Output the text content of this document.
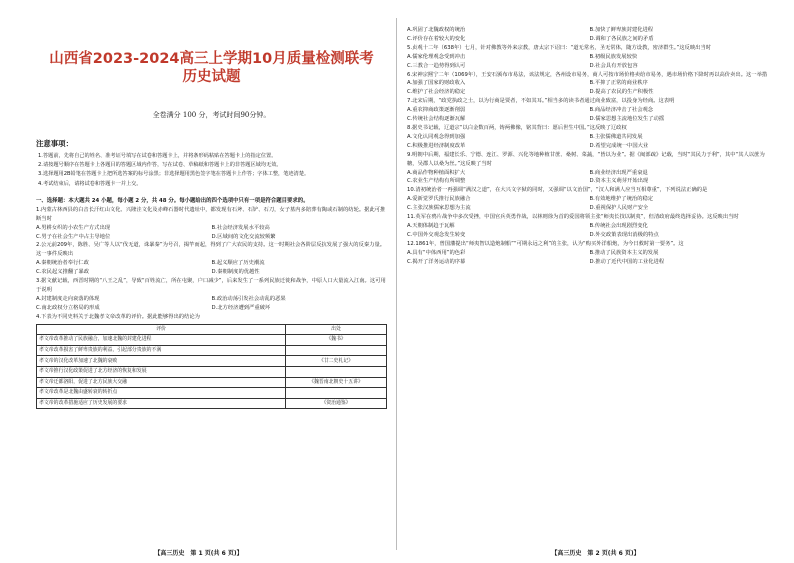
山西省2023-2024高三上学期10月质量检测联考
历史试题
全卷满分 100 分，考试时间90分钟。
注意事项：

1.答题前，先将自己的姓名、准考证号填写在试卷和答题卡上，并将条形码粘贴在答题卡上的指定位置。

2.请按题号顺序在答题卡上各题目的答题区域内作答，写在试卷、草稿纸和答题卡上的非答题区域均无效。

3.选择题用2B铅笔在答题卡上把所选答案的标号涂黑；非选择题用黑色签字笔在答题卡上作答；字体工整，笔迹清楚。

4.考试结束后，请将试卷和答题卡一并上交。

一、选择题：本大题共 24 小题，每小题 2 分，共 48 分。每小题给出的四个选项中只有一项是符合题目要求的。

1.内蒙古林西县的白音长汗红山文化、兴隆洼文化及赤峰石器时代遗址中，都发现有石斧、石铲、石刀，女子墓内多陪葬有陶或石制的纺轮。据此可推断当时

A.男耕女织的小农生产方式出现	B.社会经济发展水平较高
C.男子在社会生产中占主导地位	D.区域间的文化交流较频繁

2.公元前209年，陈胜、吴广等人以“伐无道，诛暴秦”为号召，揭竿而起，得到了广大农民的支持。这一时期社会各阶层反抗发展了强大的反秦力量。这一事件反映出

A.秦朝统治者奉行仁政	B.起义顺应了历史潮流
C.农民起义推翻了暴政	D.秦朝制度的优越性

3.据文献记载，西晋时期的“八王之乱”，导致“百姓流亡，所在屯聚，户口减少”，后来发生了一系列民族迁徙和战争，中原人口大量流入江南。这可用于说明

A.封建制度走向衰落的体现	B.政治动荡引发社会动乱的恶果
C.南北政权分立格局的形成	D.北方经济遭到严重破坏

4.下表为不同史料关于北魏孝文帝改革的评价。据此能够得出的结论为

评价	出处
孝文帝改革推动了民族融合，加速北魏的封建化进程	《魏书》
孝文帝改革损害了鲜卑贵族的利益，引起部分贵族的不满	
孝文帝的汉化改革加速了北魏的衰败	《廿二史札记》
孝文帝推行汉化政策促进了北方经济的恢复和发展	
孝文帝迁都洛阳，促进了北方民族大交融	《魏晋南北朝史十五讲》
孝文帝改革是北魏由盛转衰的转折点	
孝文帝的改革措施适应了历史发展的要求	《资治通鉴》
【高三历史　第 1 页(共 6 页)】
A.巩固了北魏政权的统治	B.加快了鲜卑族封建化进程
C.评价存在着较大的变化	D.调和了各民族之间的矛盾

5.贞观十二年（638年）七月，针对佛教等外来宗教，唐太宗下诏曰：“道无常名，圣无常体，随方设教，密济群生。”这反映出当时

A.儒家伦理观念受到冲击	B.初级民族发展较快
C.三教合一趋势得到认可	D.社会具有开放包容

6.宋神宗熙宁二年（1069年），王安石颁布市易法，该法规定，各州设市易务，商人可按市场价格卖给市易务，遇市场价格下降时再以高价卖出。这一举措

A.加强了国家的财政收入	B.平抑了正常的商业秩序
C.维护了社会经济的稳定	D.提高了农民的生产积极性

7.北宋后期，“政党执政之士，以为行商是贾者，不如其耳。”相当多的读书者通过商业致富，以投身为经商。这表明

A.重农抑商政策逐渐削弱	B.商品经济冲击了社会观念
C.传统社会结构逐渐瓦解	D.儒家思想主流地位发生了动摇

8.据史书记载，辽道宗“以白金数百两，铸两佛像，铭其背曰：愿后世生中国。”这反映了辽政权

A.文化认同观念得到加强	B.主张儒佛道共同发展
C.积极推进经济制度改革	D.希望完成统一中国大业

9.明朝中后期，福建长乐、宁德、连江、罗源、兴化等地种植甘蔗、桑树、菜蔬，“皆以为业”。据《闽部疏》记载，当时“其民力于利”，其中“其人以蔗为糖，吴郡人以桑为丝。”这反映了当时

A.商品作物种植面积扩大	B.商业经济出现严重衰退
C.农业生产结构有所调整	D.资本主义萌芽开始出现

10.清初统治者一再强调“满汉之道”，在大兴文字狱的同时，又强调“以文治国”，“汉人和满人应当互相尊重”，下列说法正确的是

A.爱新觉罗氏推行民族融合	B.有效地维护了统治的稳定
C.主张汉族儒家思想为主流	D.重视保护人民财产安全

11.英军在鸦片战争中多次受挫，中国官兵英勇作战，以林则徐为首的爱国将领主张“师夷长技以制夷”，但清政府最终选择妥协。这反映出当时

A.天朝体制趋于瓦解	B.传统社会出现剧烈变化
C.中国外交观念发生转变	D.外交政策表现出消极的特点

12.1861年，曾国藩提出“师夷智以造炮制船”“可期永远之利”的主张，认为“购买外洋船炮，为今日救时第一要务”。这

A.具有“中体西用”的色彩	B.推动了民族资本主义的发展
C.揭开了洋务运动的序幕	D.推动了近代中国的工业化进程
【高三历史　第 2 页(共 6 页)】
